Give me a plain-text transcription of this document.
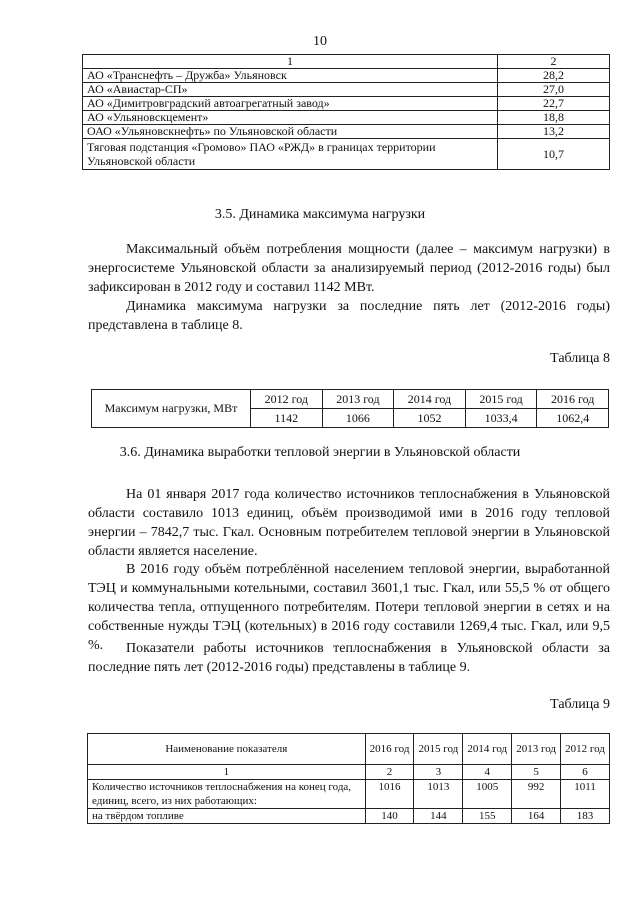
10
1	2
АО «Транснефть – Дружба» Ульяновск	28,2
АО «Авиастар-СП»	27,0
АО «Димитровградский автоагрегатный завод»	22,7
АО «Ульяновскцемент»	18,8
ОАО «Ульяновскнефть» по Ульяновской области	13,2
Тяговая подстанция «Громово» ПАО «РЖД» в границах территории Ульяновской области	10,7
3.5. Динамика максимума нагрузки

Максимальный объём потребления мощности (далее – максимум нагрузки) в энергосистеме Ульяновской области за анализируемый период (2012-2016 годы) был зафиксирован в 2012 году и составил 1142 МВт.

Динамика максимума нагрузки за последние пять лет (2012-2016 годы) представлена в таблице 8.

Таблица 8
Максимум нагрузки, МВт	2012 год	2013 год	2014 год	2015 год	2016 год
	1142	1066	1052	1033,4	1062,4
3.6. Динамика выработки тепловой энергии в Ульяновской области

На 01 января 2017 года количество источников теплоснабжения в Ульяновской области составило 1013 единиц, объём производимой ими в 2016 году тепловой энергии – 7842,7 тыс. Гкал. Основным потребителем тепловой энергии в Ульяновской области является население.

В 2016 году объём потреблённой населением тепловой энергии, выработанной ТЭЦ и коммунальными котельными, составил 3601,1 тыс. Гкал, или 55,5 % от общего количества тепла, отпущенного потребителям. Потери тепловой энергии в сетях и на собственные нужды ТЭЦ (котельных) в 2016 году составили 1269,4 тыс. Гкал, или 9,5 %.	Показатели работы источников теплоснабжения в Ульяновской области за последние пять лет (2012-2016 годы) представлены в таблице 9.

Таблица 9
Наименование показателя	2016 год	2015 год	2014 год	2013 год	2012 год
1	2	3	4	5	6
Количество источников теплоснабжения на конец года, единиц, всего, из них работающих:	1016	1013	1005	992	1011
на твёрдом топливе	140	144	155	164	183
